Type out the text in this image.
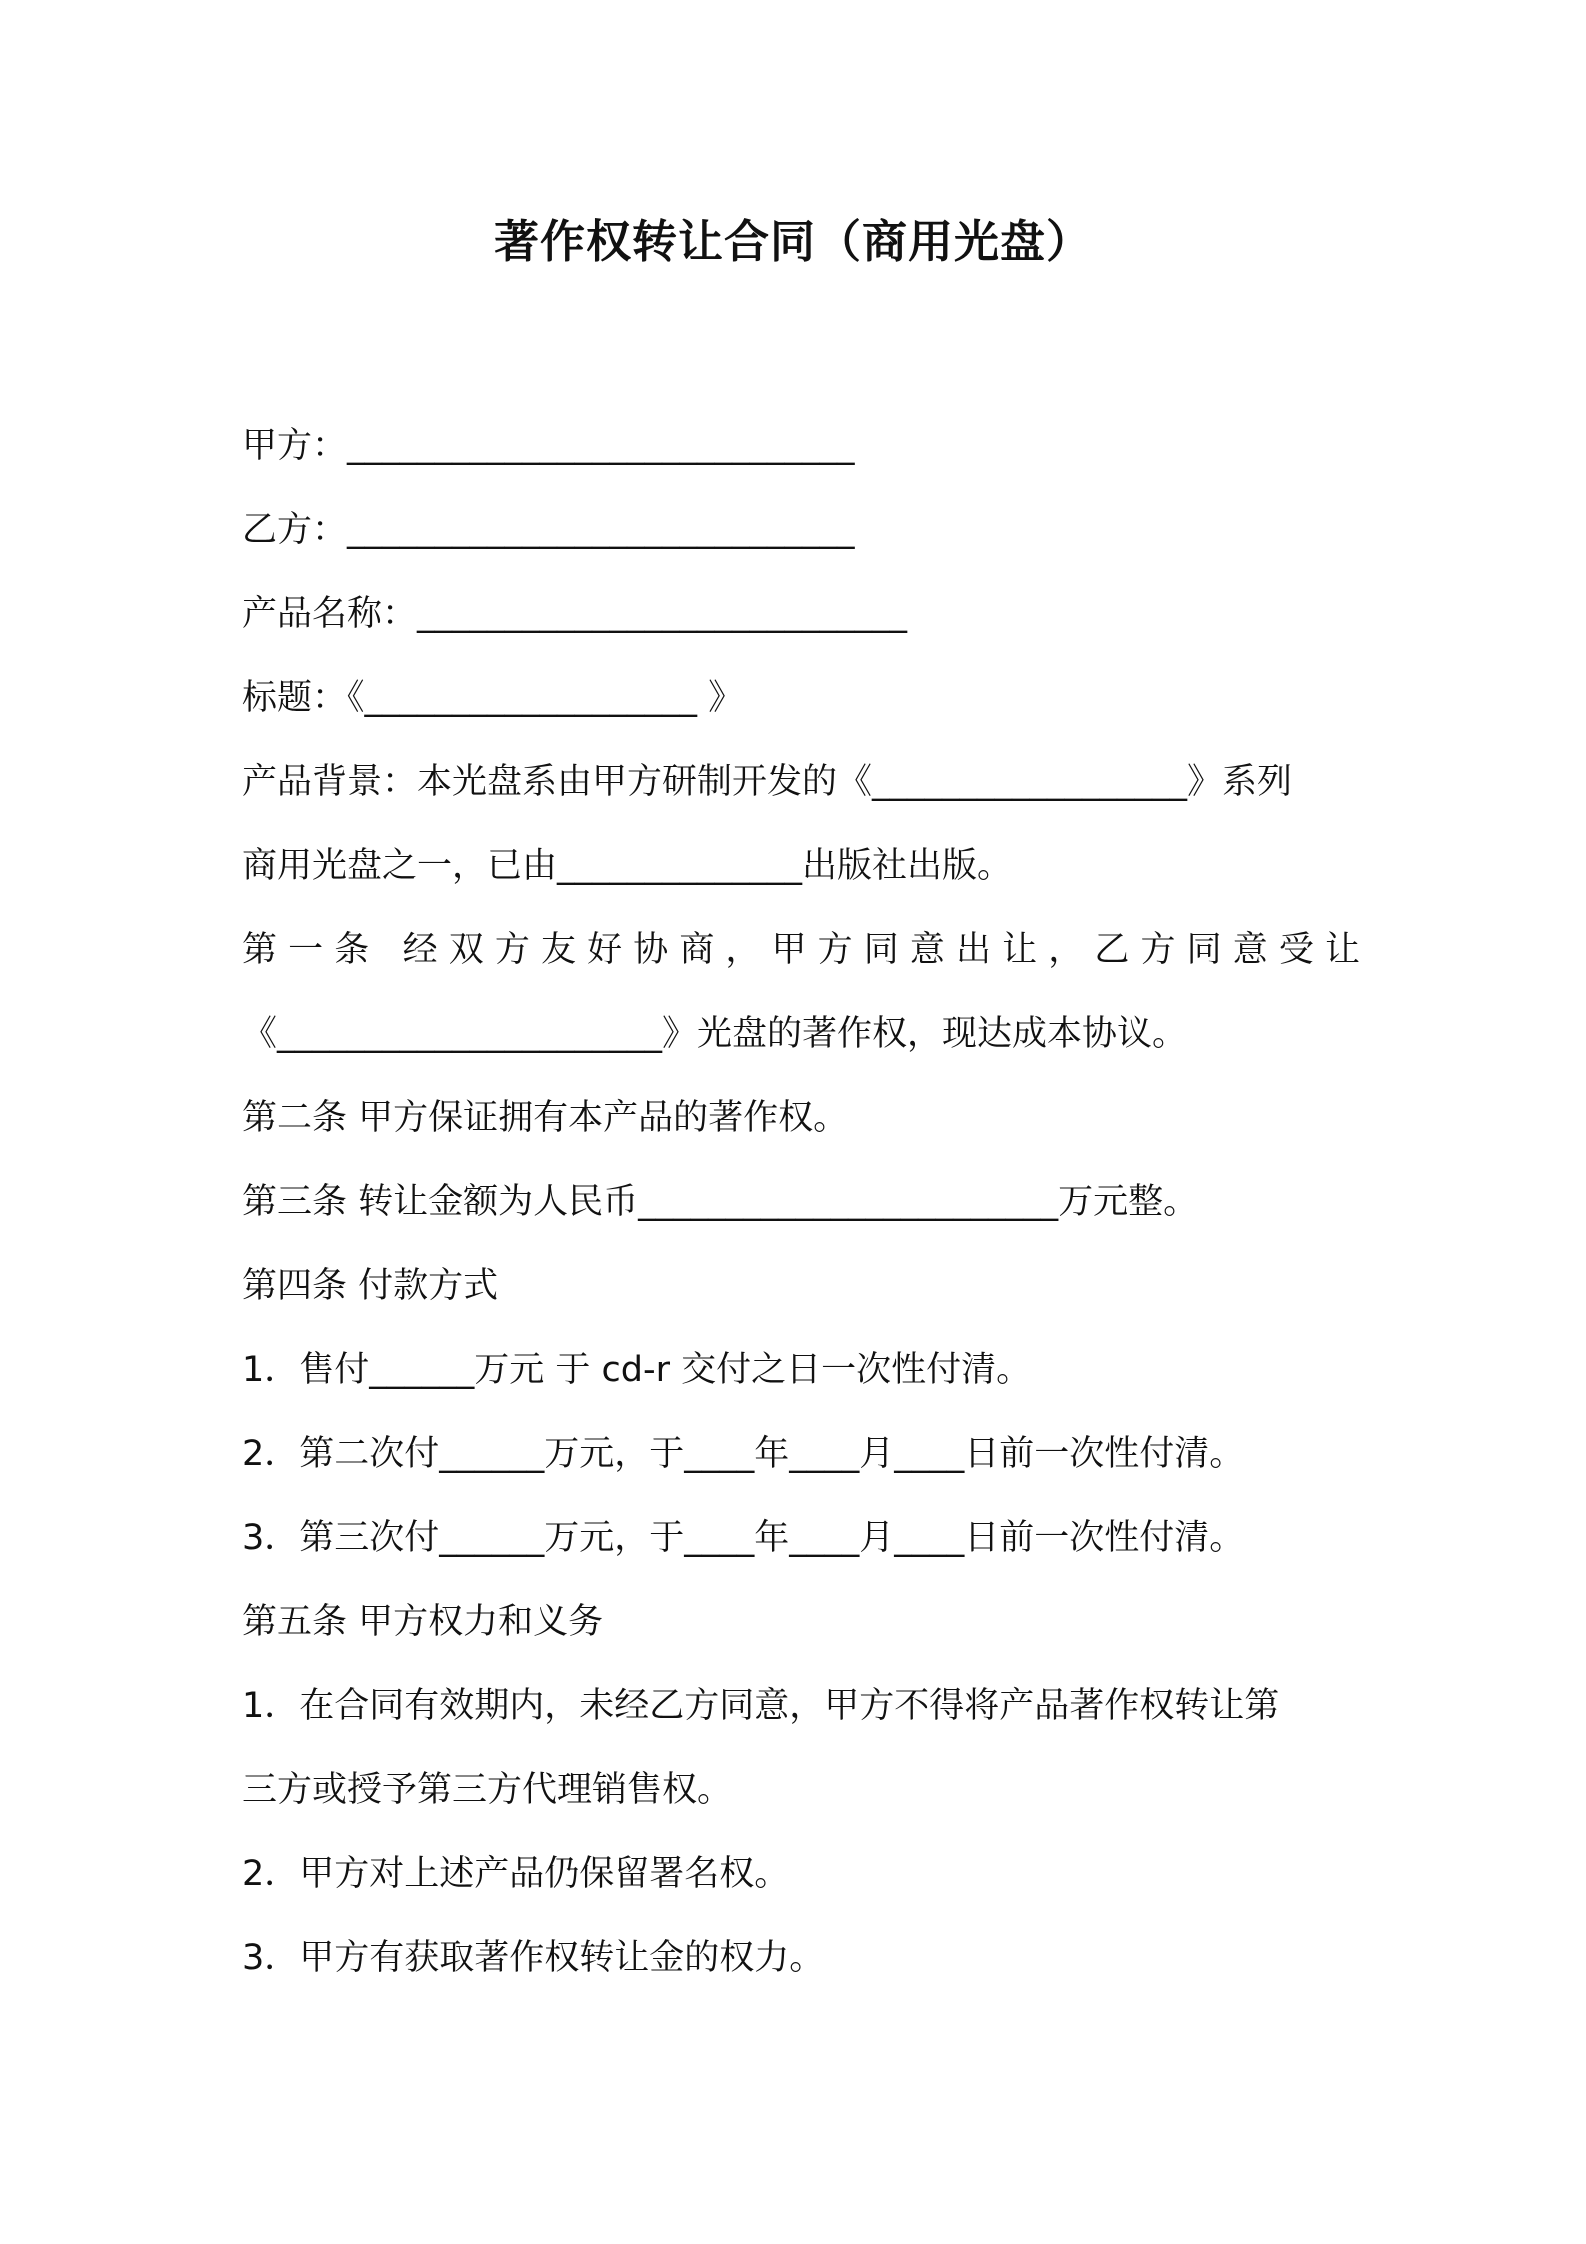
著作权转让合同（商用光盘）
甲方：_____________________________
乙方：_____________________________
产品名称：____________________________
标题：《___________________ 》
产品背景：本光盘系由甲方研制开发的《__________________》系列
商用光盘之一，已由______________出版社出版。
第一条 经双方友好协商，甲方同意出让，乙方同意受让
《______________________》光盘的著作权，现达成本协议。
第二条 甲方保证拥有本产品的著作权。
第三条 转让金额为人民币________________________万元整。
第四条 付款方式
1．售付______万元 于 cd-r 交付之日一次性付清。
2．第二次付______万元，于____年____月____日前一次性付清。
3．第三次付______万元，于____年____月____日前一次性付清。
第五条 甲方权力和义务
1．在合同有效期内，未经乙方同意，甲方不得将产品著作权转让第
三方或授予第三方代理销售权。
2．甲方对上述产品仍保留署名权。
3．甲方有获取著作权转让金的权力。
